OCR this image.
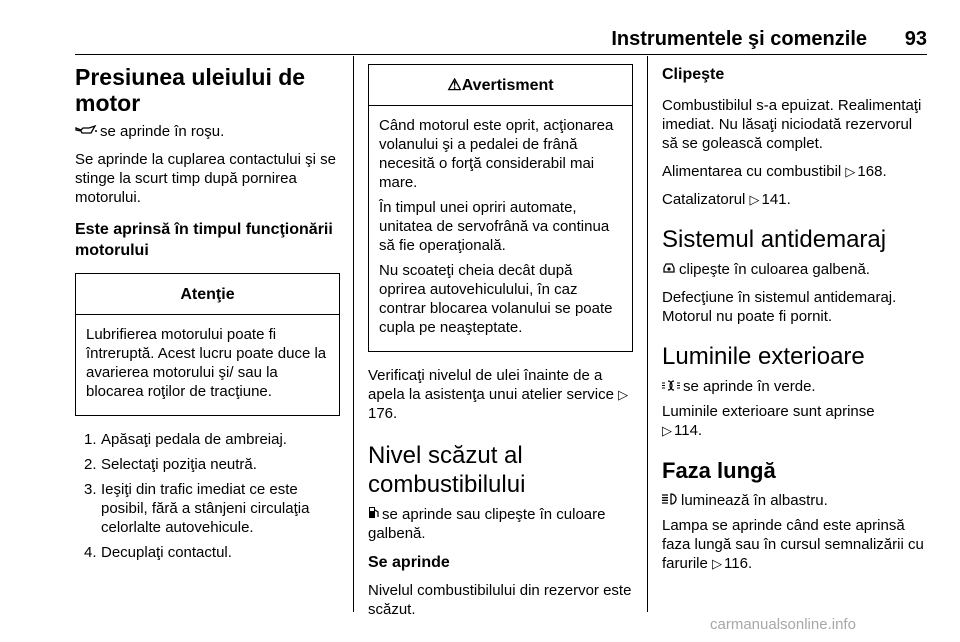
Instrumentele şi comenzile 93
Presiunea uleiului de motor

se aprinde în roşu.

Se aprinde la cuplarea contactului şi se stinge la scurt timp după pornirea motorului.

Este aprinsă în timpul funcţionării motorului
Atenţie

Lubrifierea motorului poate fi întreruptă. Acest lucru poate duce la avarierea motorului şi/ sau la blocarea roţilor de tracţiune.

1. Apăsaţi pedala de ambreiaj.
2. Selectaţi poziţia neutră.
3. Ieşiţi din trafic imediat ce este posibil, fără a stânjeni circulaţia celorlalte autovehicule.
4. Decuplaţi contactul.
⚠Avertisment

Când motorul este oprit, acţionarea volanului şi a pedalei de frână necesită o forţă considerabil mai mare.

În timpul unei opriri automate, unitatea de servofrână va continua să fie operaţională.

Nu scoateţi cheia decât după oprirea autovehiculului, în caz contrar blocarea volanului se poate cupla pe neaşteptate.

Verificaţi nivelul de ulei înainte de a apela la asistenţa unui atelier service ▷176.

Nivel scăzut al combustibilului

se aprinde sau clipeşte în culoare galbenă.

Se aprinde

Nivelul combustibilului din rezervor este scăzut.

Clipeşte

Combustibilul s-a epuizat. Realimentaţi imediat. Nu lăsaţi niciodată rezervorul să se golească complet.

Alimentarea cu combustibil ▷ 168.

Catalizatorul ▷ 141.

Sistemul antidemaraj

clipeşte în culoarea galbenă.

Defecţiune în sistemul antidemaraj. Motorul nu poate fi pornit.

Luminile exterioare

se aprinde în verde.

Luminile exterioare sunt aprinse
▷ 114.

Faza lungă

luminează în albastru.

Lampa se aprinde când este aprinsă faza lungă sau în cursul semnalizării cu farurile ▷ 116.

carmanualsonline.info
